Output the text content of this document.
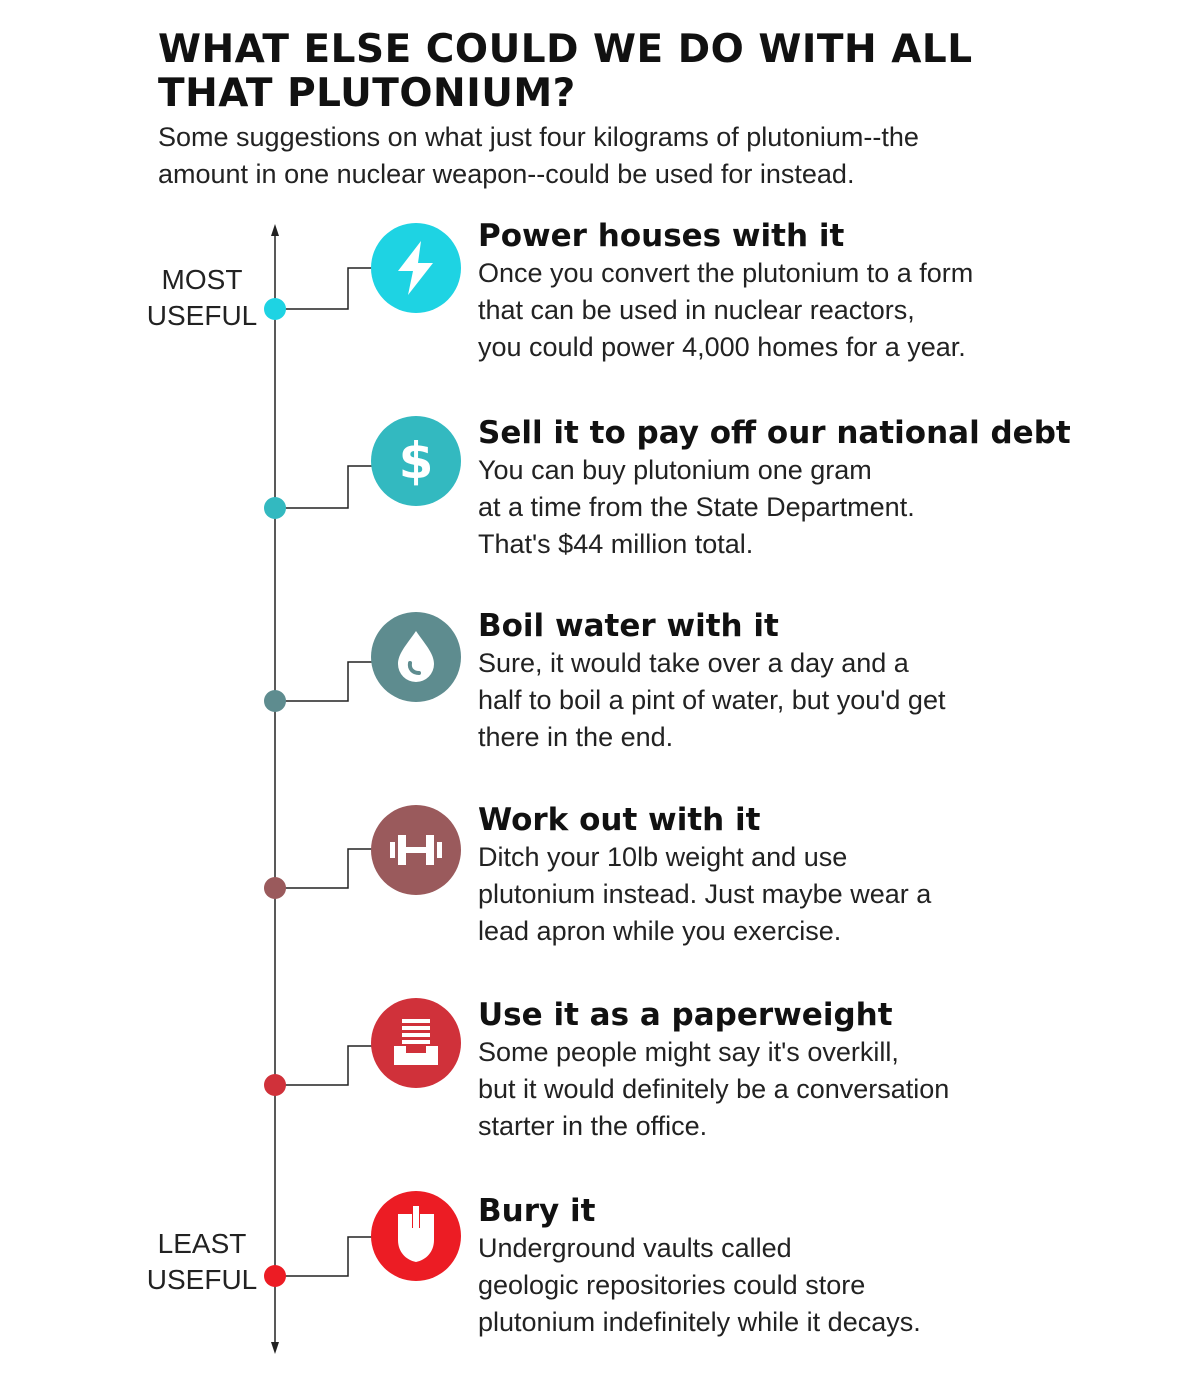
WHAT ELSE COULD WE DO WITH ALL
THAT PLUTONIUM?

Some suggestions on what just four kilograms of plutonium--the
amount in one nuclear weapon--could be used for instead.

MOST
USEFUL
LEAST
USEFUL
Power houses with it

Once you convert the plutonium to a form
that can be used in nuclear reactors,
you could power 4,000 homes for a year.

$ Sell it to pay off our national debt

You can buy plutonium one gram
at a time from the State Department.
That's $44 million total.

Boil water with it

Sure, it would take over a day and a
half to boil a pint of water, but you'd get
there in the end.

Work out with it

Ditch your 10lb weight and use
plutonium instead. Just maybe wear a
lead apron while you exercise.

Use it as a paperweight

Some people might say it's overkill,
but it would definitely be a conversation
starter in the office.

Bury it

Underground vaults called
geologic repositories could store
plutonium indefinitely while it decays.
